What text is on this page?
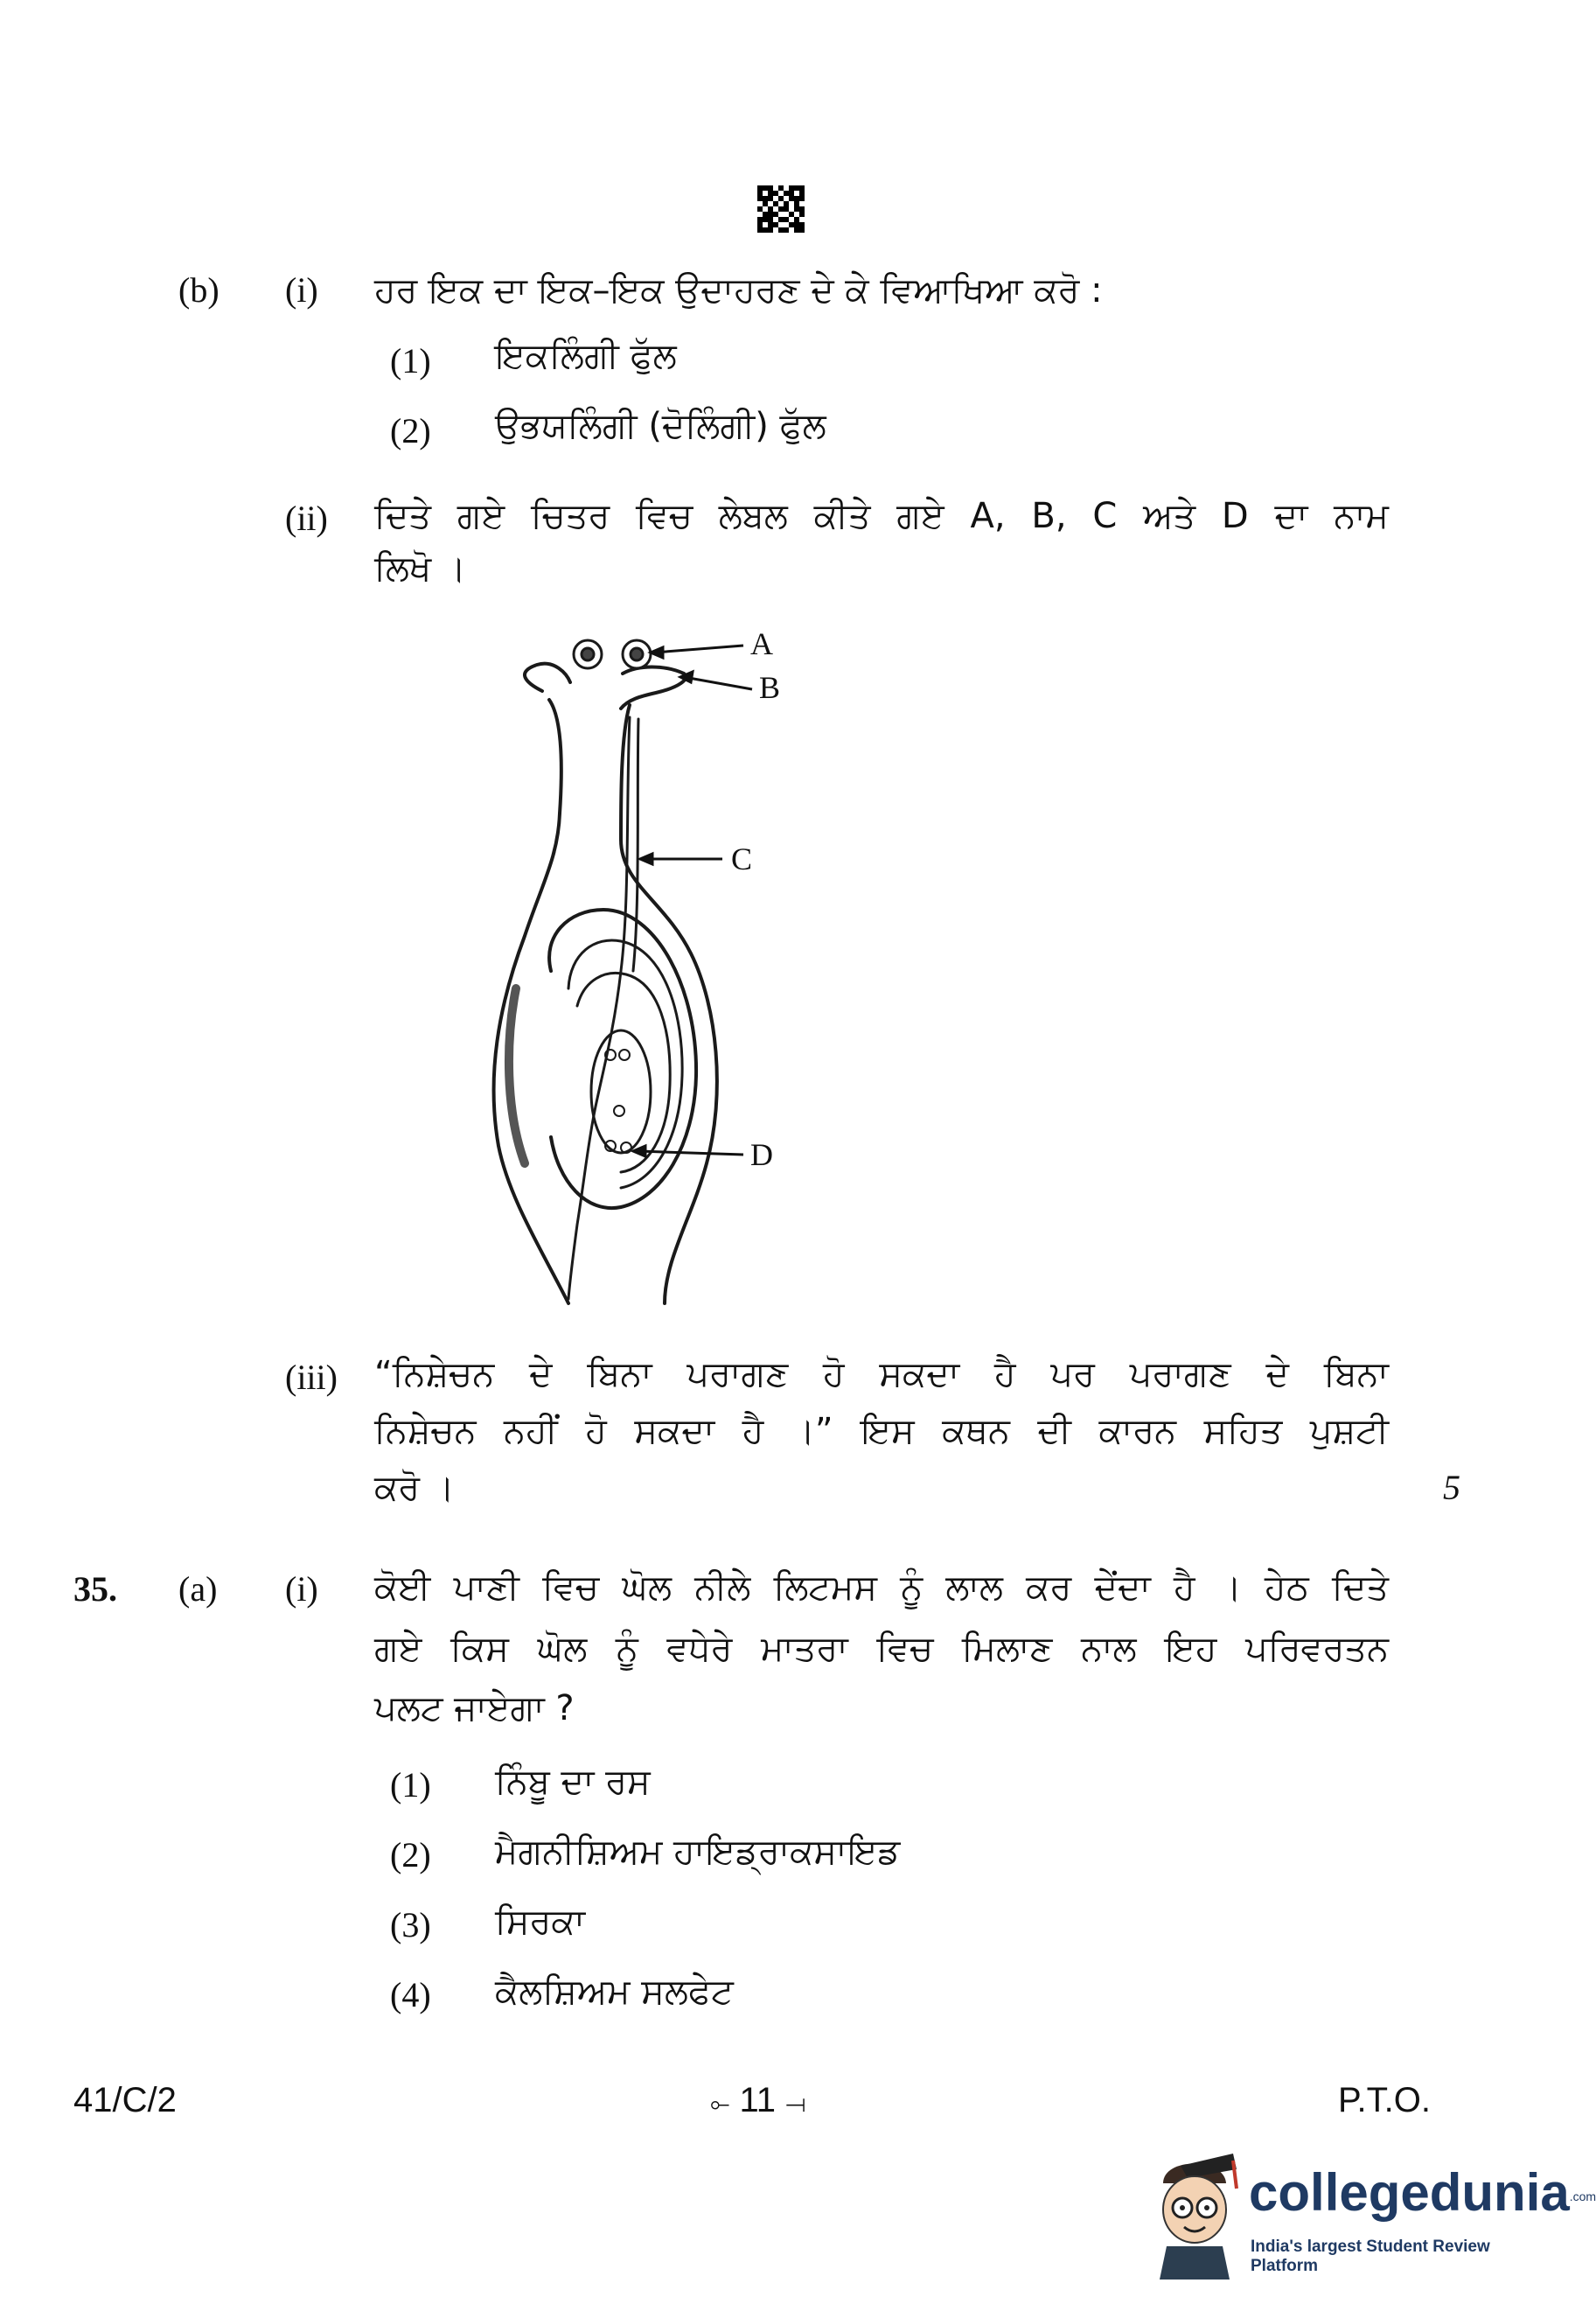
(b) (i) ਹਰ ਇਕ ਦਾ ਇਕ–ਇਕ ਉਦਾਹਰਣ ਦੇ ਕੇ ਵਿਆਖਿਆ ਕਰੋ :
(1) ਇਕਲਿੰਗੀ ਫੁੱਲ
(2) ਉਭਯਲਿੰਗੀ (ਦੋਲਿੰਗੀ) ਫੁੱਲ
(ii) ਦਿਤੇ ਗਏ ਚਿਤਰ ਵਿਚ ਲੇਬਲ ਕੀਤੇ ਗਏ A, B, C ਅਤੇ D ਦਾ ਨਾਮ
ਲਿਖੋ ।
A
B
C
D
(iii) “ਨਿਸ਼ੇਚਨ ਦੇ ਬਿਨਾ ਪਰਾਗਣ ਹੋ ਸਕਦਾ ਹੈ ਪਰ ਪਰਾਗਣ ਦੇ ਬਿਨਾ
ਨਿਸ਼ੇਚਨ ਨਹੀਂ ਹੋ ਸਕਦਾ ਹੈ ।” ਇਸ ਕਥਨ ਦੀ ਕਾਰਨ ਸਹਿਤ ਪੁਸ਼ਟੀ
ਕਰੋ ।	5
35. (a) (i) ਕੋਈ ਪਾਣੀ ਵਿਚ ਘੋਲ ਨੀਲੇ ਲਿਟਮਸ ਨੂੰ ਲਾਲ ਕਰ ਦੇਂਦਾ ਹੈ । ਹੇਠ ਦਿਤੇ
ਗਏ ਕਿਸ ਘੋਲ ਨੂੰ ਵਧੇਰੇ ਮਾਤਰਾ ਵਿਚ ਮਿਲਾਣ ਨਾਲ ਇਹ ਪਰਿਵਰਤਨ
ਪਲਟ ਜਾਏਗਾ ?
(1) ਨਿੰਬੂ ਦਾ ਰਸ
(2) ਮੈਗਨੀਸ਼ਿਅਮ ਹਾਇਡ੍ਰਾਕਸਾਇਡ
(3) ਸਿਰਕਾ
(4) ਕੈਲਸ਼ਿਅਮ ਸਲਫੇਟ
41/C/2	⟜ 11 ⟞	P.T.O.
collegedunia.com
India's largest Student Review Platform
